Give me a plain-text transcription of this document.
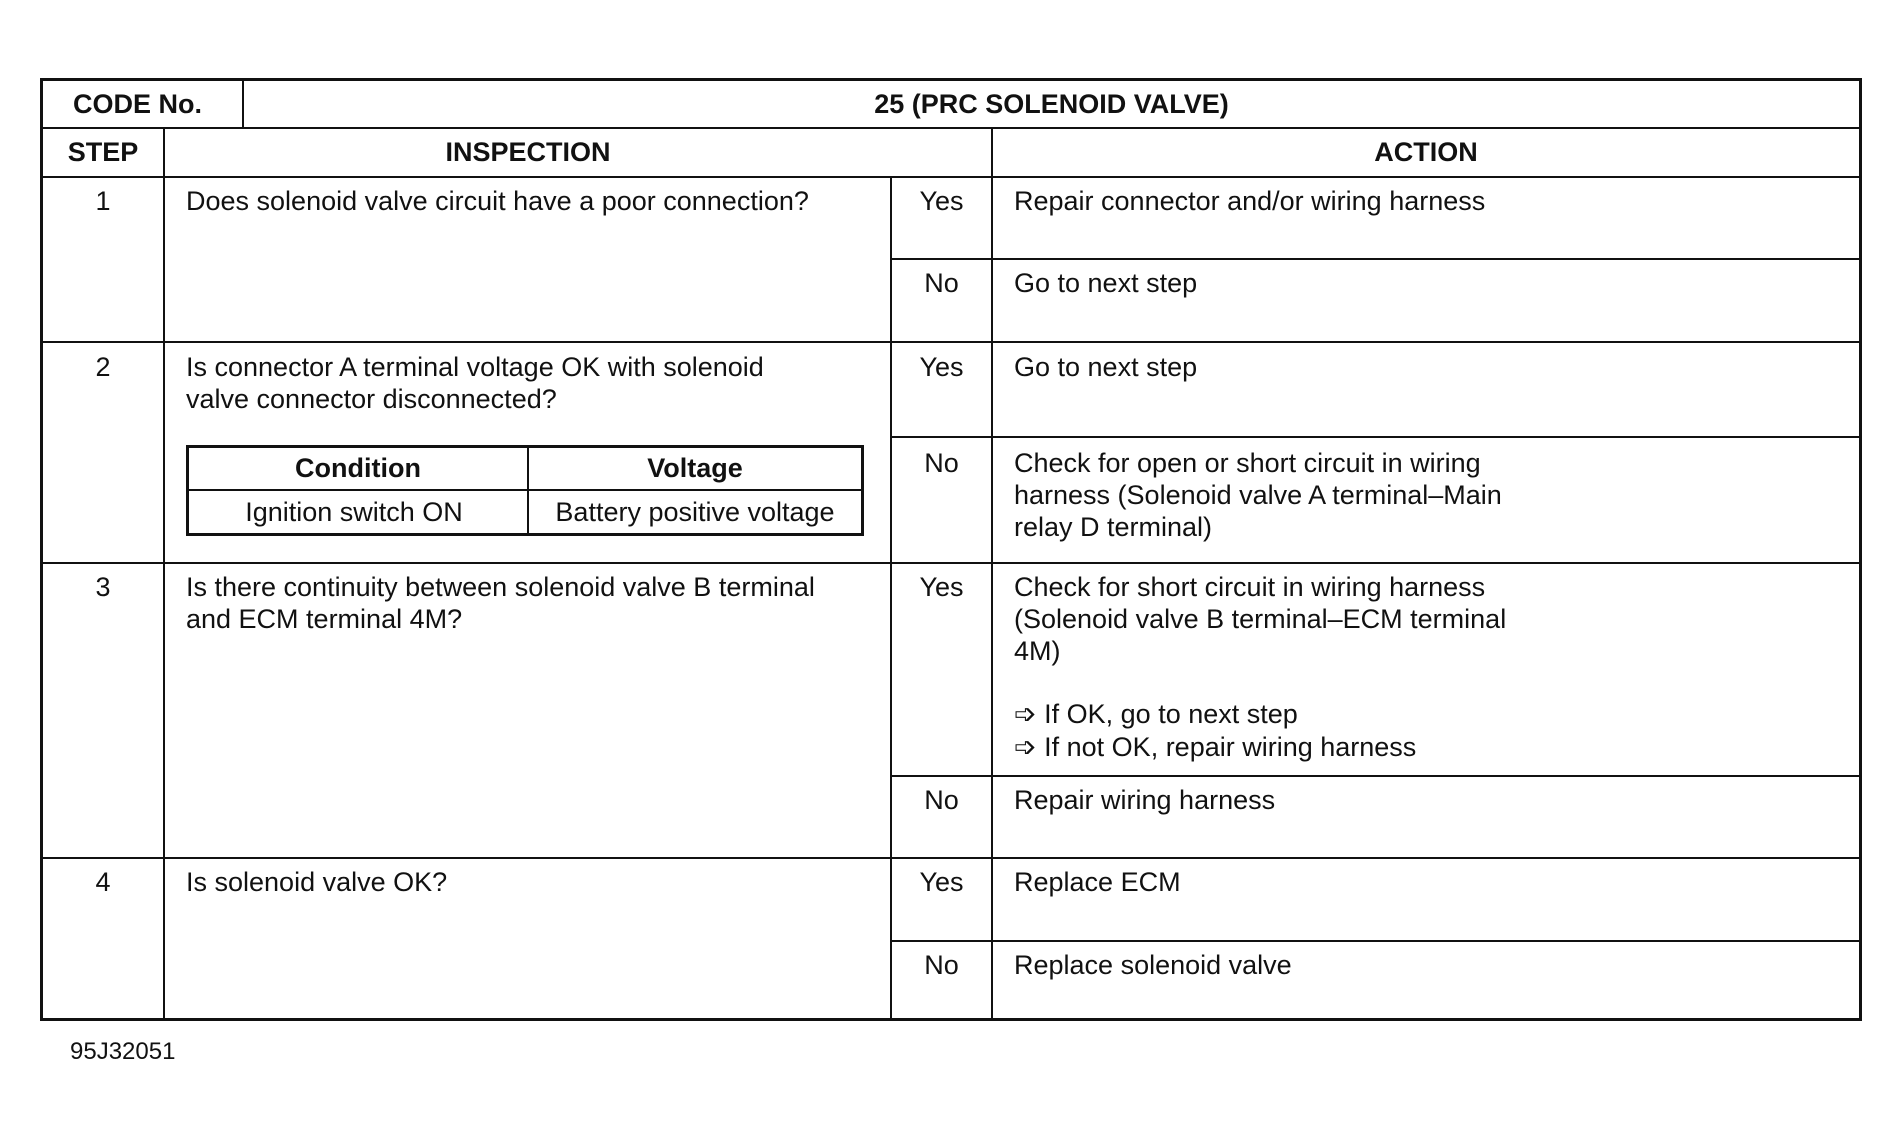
CODE No.	25 (PRC SOLENOID VALVE)
STEP	INSPECTION	ACTION
1	Does solenoid valve circuit have a poor connection?	Yes	Repair connector and/or wiring harness
No	Go to next step
2	Is connector A terminal voltage OK with solenoid
valve connector disconnected?
Condition	Voltage
Ignition switch ON	Battery positive voltage
Yes	Go to next step
No	Check for open or short circuit in wiring
harness (Solenoid valve A terminal–Main
relay D terminal)
3	Is there continuity between solenoid valve B terminal
and ECM terminal 4M?
Yes	Check for short circuit in wiring harness
(Solenoid valve B terminal–ECM terminal
4M)
➩ If OK, go to next step
➩ If not OK, repair wiring harness
No	Repair wiring harness
4	Is solenoid valve OK?	Yes	Replace ECM
No	Replace solenoid valve
95J32051
